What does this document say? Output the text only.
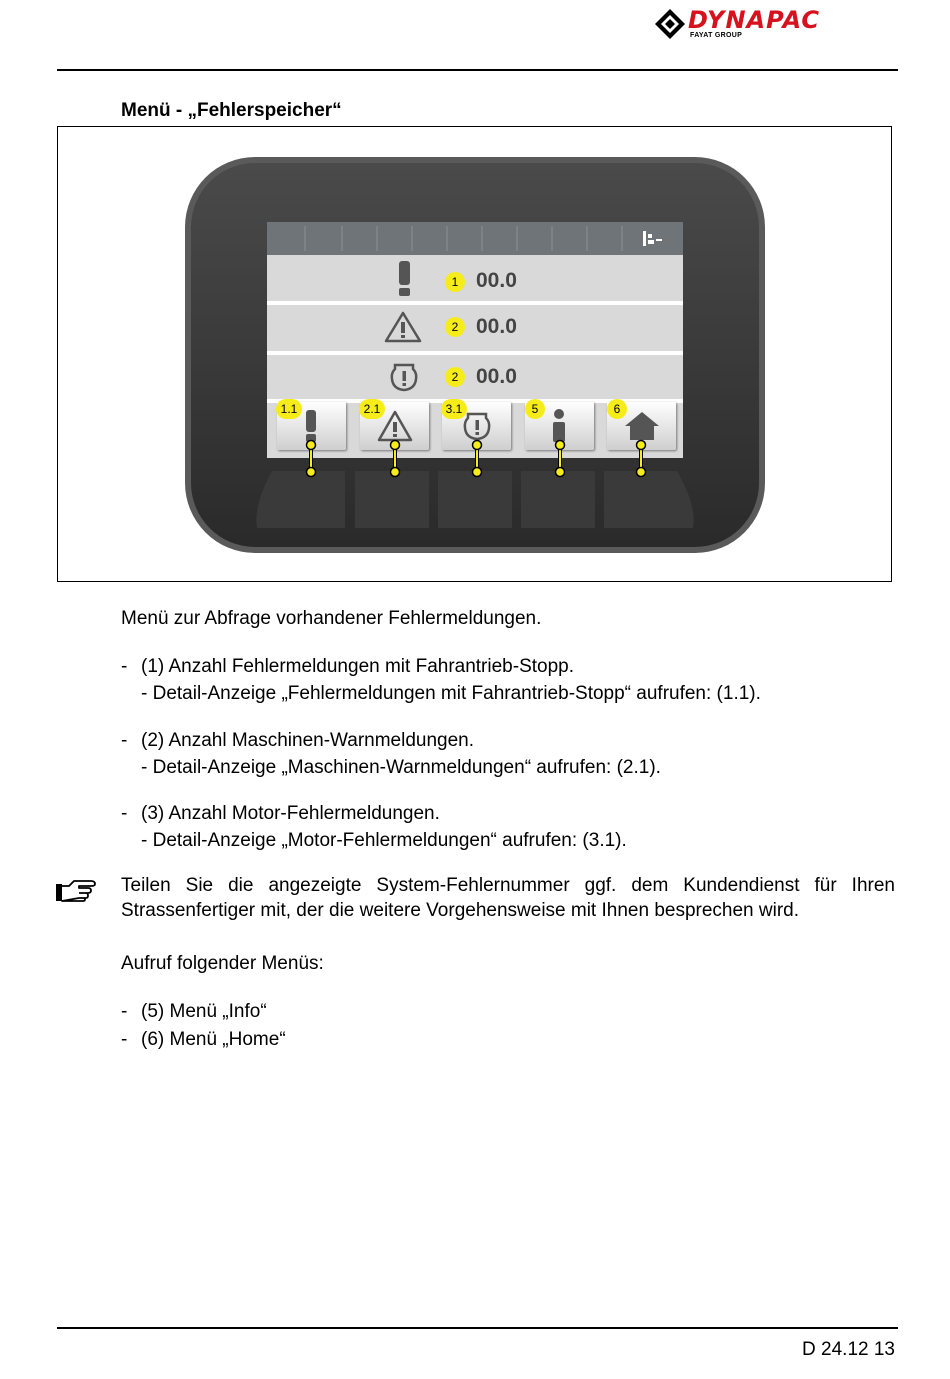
DYNAPAC
FAYAT GROUP
Menü - „Fehlerspeicher“
1 00.0
2 00.0
2 00.0
1.1	2.1	3.1	5	6
Menü zur Abfrage vorhandener Fehlermeldungen.
- (1) Anzahl Fehlermeldungen mit Fahrantrieb-Stopp.
- Detail-Anzeige „Fehlermeldungen mit Fahrantrieb-Stopp“ aufrufen: (1.1).
- (2) Anzahl Maschinen-Warnmeldungen.
- Detail-Anzeige „Maschinen-Warnmeldungen“ aufrufen: (2.1).
- (3) Anzahl Motor-Fehlermeldungen.
- Detail-Anzeige „Motor-Fehlermeldungen“ aufrufen: (3.1).
Teilen Sie die angezeigte System-Fehlernummer ggf. dem Kundendienst für Ihren Strassenfertiger mit, der die weitere Vorgehensweise mit Ihnen besprechen wird.
Aufruf folgender Menüs:
- (5) Menü „Info“
- (6) Menü „Home“
D 24.12 13
